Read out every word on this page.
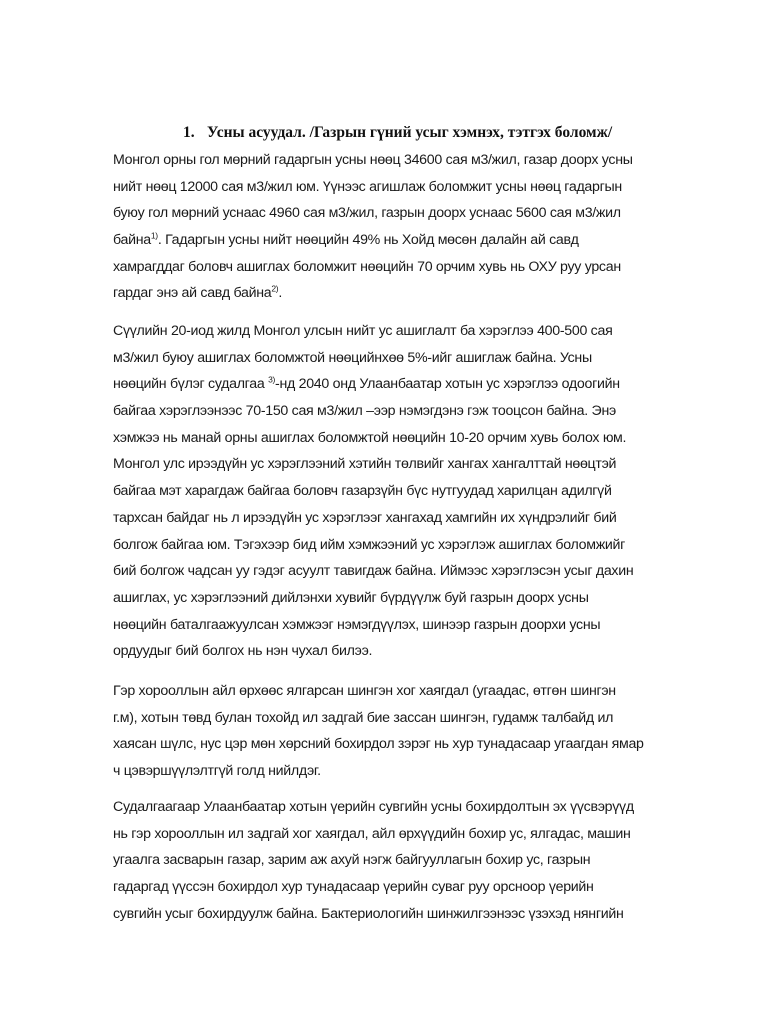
1. Усны асуудал. /Газрын гүний усыг хэмнэх, тэтгэх боломж/
Монгол орны гол мөрний гадаргын усны нөөц 34600 сая м3/жил, газар доорх усны
нийт нөөц 12000 сая м3/жил юм. Үүнээс агишлаж боломжит усны нөөц гадаргын
буюу гол мөрний уснаас 4960 сая м3/жил, газрын доорх уснаас 5600 сая м3/жил
байна$^{1)}$. Гадаргын усны нийт нөөцийн 49% нь Хойд мөсөн далайн ай савд
хамрагддаг боловч ашиглах боломжит нөөцийн 70 орчим хувь нь ОХУ руу урсан
гардаг энэ ай савд байна$^{2)}$.
Сүүлийн 20-иод жилд Монгол улсын нийт ус ашиглалт ба хэрэглээ 400-500 сая
м3/жил буюу ашиглах боломжтой нөөцийнхөө 5%-ийг ашиглаж байна. Усны
нөөцийн бүлэг судалгаа $^{3)}$-нд 2040 онд Улаанбаатар хотын ус хэрэглээ одоогийн
байгаа хэрэглээнээс 70-150 сая м3/жил –ээр нэмэгдэнэ гэж тооцсон байна. Энэ
хэмжээ нь манай орны ашиглах боломжтой нөөцийн 10-20 орчим хувь болох юм.
Монгол улс ирээдүйн ус хэрэглээний хэтийн төлвийг хангах хангалттай нөөцтэй
байгаа мэт харагдаж байгаа боловч газарзүйн бүс нутгуудад харилцан адилгүй
тархсан байдаг нь л ирээдүйн ус хэрэглээг хангахад хамгийн их хүндрэлийг бий
болгож байгаа юм. Тэгэхээр бид ийм хэмжээний ус хэрэглэж ашиглах боломжийг
бий болгож чадсан уу гэдэг асуулт тавигдаж байна. Иймээс хэрэглэсэн усыг дахин
ашиглах, ус хэрэглээний дийлэнхи хувийг бүрдүүлж буй газрын доорх усны
нөөцийн баталгаажуулсан хэмжээг нэмэгдүүлэх, шинээр газрын доорхи усны
ордуудыг бий болгох нь нэн чухал билээ.
Гэр хорооллын айл өрхөөс ялгарсан шингэн хог хаягдал (угаадас, өтгөн шингэн
г.м), хотын төвд булан тохойд ил задгай бие зассан шингэн, гудамж талбайд ил
хаясан шүлс, нус цэр мөн хөрсний бохирдол зэрэг нь хур тунадасаар угаагдан ямар
ч цэвэршүүлэлтгүй голд нийлдэг.
Судалгаагаар Улаанбаатар хотын үерийн сувгийн усны бохирдолтын эх үүсвэрүүд
нь гэр хорооллын ил задгай хог хаягдал, айл өрхүүдийн бохир ус, ялгадас, машин
угаалга засварын газар, зарим аж ахуй нэгж байгууллагын бохир ус, газрын
гадаргад үүссэн бохирдол хур тунадасаар үерийн суваг руу орсноор үерийн
сувгийн усыг бохирдуулж байна. Бактериологийн шинжилгээнээс үзэхэд нянгийн
